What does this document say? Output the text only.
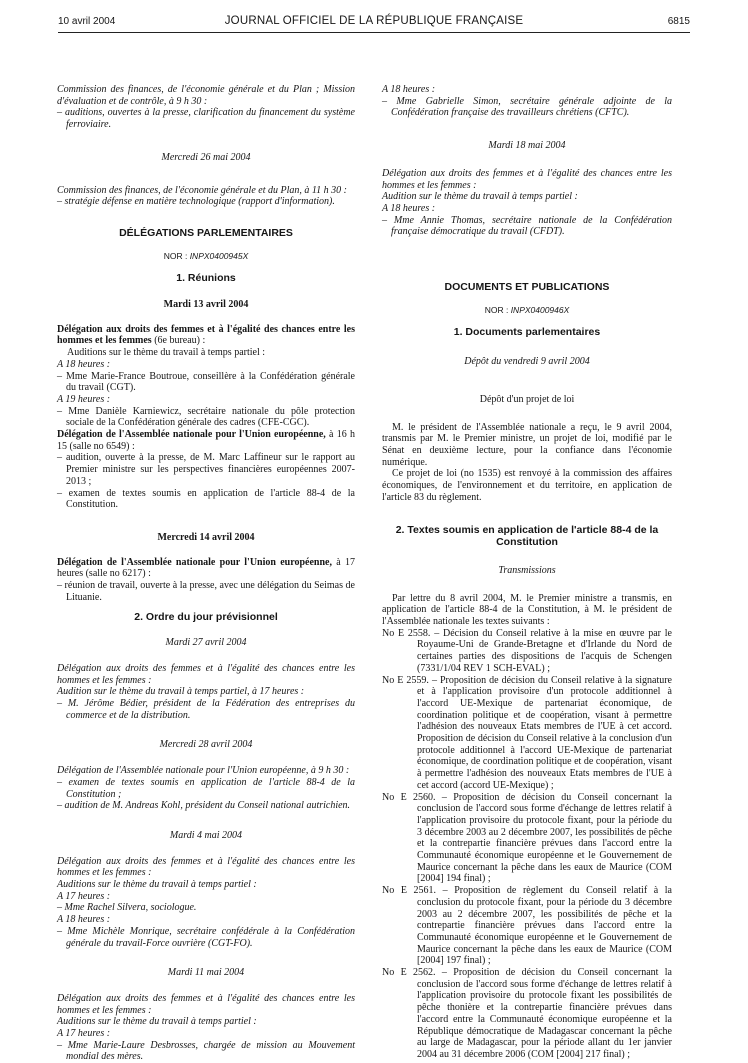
10 avril 2004	JOURNAL OFFICIEL DE LA RÉPUBLIQUE FRANÇAISE	6815

Commission des finances, de l'économie générale et du Plan ; Mission d'évaluation et de contrôle, à 9 h 30 :

– auditions, ouvertes à la presse, clarification du financement du système ferroviaire.

Mercredi 26 mai 2004

Commission des finances, de l'économie générale et du Plan, à 11 h 30 :

– stratégie défense en matière technologique (rapport d'information).

DÉLÉGATIONS PARLEMENTAIRES

NOR : INPX0400945X

1. Réunions

Mardi 13 avril 2004

Délégation aux droits des femmes et à l'égalité des chances entre les hommes et les femmes (6e bureau) :

Auditions sur le thème du travail à temps partiel :

A 18 heures :

– Mme Marie-France Boutroue, conseillère à la Confédération générale du travail (CGT).

A 19 heures :

– Mme Danièle Karniewicz, secrétaire nationale du pôle protection sociale de la Confédération générale des cadres (CFE-CGC).

Délégation de l'Assemblée nationale pour l'Union européenne, à 16 h 15 (salle no 6549) :

– audition, ouverte à la presse, de M. Marc Laffineur sur le rapport au Premier ministre sur les perspectives financières européennes 2007-2013 ;

– examen de textes soumis en application de l'article 88-4 de la Constitution.

Mercredi 14 avril 2004

Délégation de l'Assemblée nationale pour l'Union européenne, à 17 heures (salle no 6217) :

– réunion de travail, ouverte à la presse, avec une délégation du Seimas de Lituanie.

2. Ordre du jour prévisionnel

Mardi 27 avril 2004

Délégation aux droits des femmes et à l'égalité des chances entre les hommes et les femmes :

Audition sur le thème du travail à temps partiel, à 17 heures :

– M. Jérôme Bédier, président de la Fédération des entreprises du commerce et de la distribution.

Mercredi 28 avril 2004

Délégation de l'Assemblée nationale pour l'Union européenne, à 9 h 30 :

– examen de textes soumis en application de l'article 88-4 de la Constitution ;

– audition de M. Andreas Kohl, président du Conseil national autrichien.

Mardi 4 mai 2004

Délégation aux droits des femmes et à l'égalité des chances entre les hommes et les femmes :

Auditions sur le thème du travail à temps partiel :

A 17 heures :

– Mme Rachel Silvera, sociologue.

A 18 heures :

– Mme Michèle Monrique, secrétaire confédérale à la Confédération générale du travail-Force ouvrière (CGT-FO).

Mardi 11 mai 2004

Délégation aux droits des femmes et à l'égalité des chances entre les hommes et les femmes :

Auditions sur le thème du travail à temps partiel :

A 17 heures :

– Mme Marie-Laure Desbrosses, chargée de mission au Mouvement mondial des mères.

A 18 heures :

– Mme Gabrielle Simon, secrétaire générale adjointe de la Confédération française des travailleurs chrétiens (CFTC).

Mardi 18 mai 2004

Délégation aux droits des femmes et à l'égalité des chances entre les hommes et les femmes :

Audition sur le thème du travail à temps partiel :

A 18 heures :

– Mme Annie Thomas, secrétaire nationale de la Confédération française démocratique du travail (CFDT).

DOCUMENTS ET PUBLICATIONS

NOR : INPX0400946X

1. Documents parlementaires

Dépôt du vendredi 9 avril 2004

Dépôt d'un projet de loi

M. le président de l'Assemblée nationale a reçu, le 9 avril 2004, transmis par M. le Premier ministre, un projet de loi, modifié par le Sénat en deuxième lecture, pour la confiance dans l'économie numérique.

Ce projet de loi (no 1535) est renvoyé à la commission des affaires économiques, de l'environnement et du territoire, en application de l'article 83 du règlement.

2. Textes soumis en application de l'article 88-4 de la Constitution

Transmissions

Par lettre du 8 avril 2004, M. le Premier ministre a transmis, en application de l'article 88-4 de la Constitution, à M. le président de l'Assemblée nationale les textes suivants :

No E 2558. – Décision du Conseil relative à la mise en œuvre par le Royaume-Uni de Grande-Bretagne et d'Irlande du Nord de certaines parties des dispositions de l'acquis de Schengen (7331/1/04 REV 1 SCH-EVAL) ;

No E 2559. – Proposition de décision du Conseil relative à la signature et à l'application provisoire d'un protocole additionnel à l'accord UE-Mexique de partenariat économique, de coordination politique et de coopération, visant à permettre l'adhésion des nouveaux Etats membres de l'UE à cet accord. Proposition de décision du Conseil relative à la conclusion d'un protocole additionnel à l'accord UE-Mexique de partenariat économique, de coordination politique et de coopération, visant à permettre l'adhésion des nouveaux Etats membres de l'UE à cet accord (accord UE-Mexique) ;

No E 2560. – Proposition de décision du Conseil concernant la conclusion de l'accord sous forme d'échange de lettres relatif à l'application provisoire du protocole fixant, pour la période du 3 décembre 2003 au 2 décembre 2007, les possibilités de pêche et la contrepartie financière prévues dans l'accord entre la Communauté économique européenne et le Gouvernement de Maurice concernant la pêche dans les eaux de Maurice (COM [2004] 194 final) ;

No E 2561. – Proposition de règlement du Conseil relatif à la conclusion du protocole fixant, pour la période du 3 décembre 2003 au 2 décembre 2007, les possibilités de pêche et la contrepartie financière prévues dans l'accord entre la Communauté économique européenne et le Gouvernement de Maurice concernant la pêche dans les eaux de Maurice (COM [2004] 197 final) ;

No E 2562. – Proposition de décision du Conseil concernant la conclusion de l'accord sous forme d'échange de lettres relatif à l'application provisoire du protocole fixant les possibilités de pêche thonière et la contrepartie financière prévues dans l'accord entre la Communauté économique européenne et la République démocratique de Madagascar concernant la pêche au large de Madagascar, pour la période allant du 1er janvier 2004 au 31 décembre 2006 (COM [2004] 217 final) ;
